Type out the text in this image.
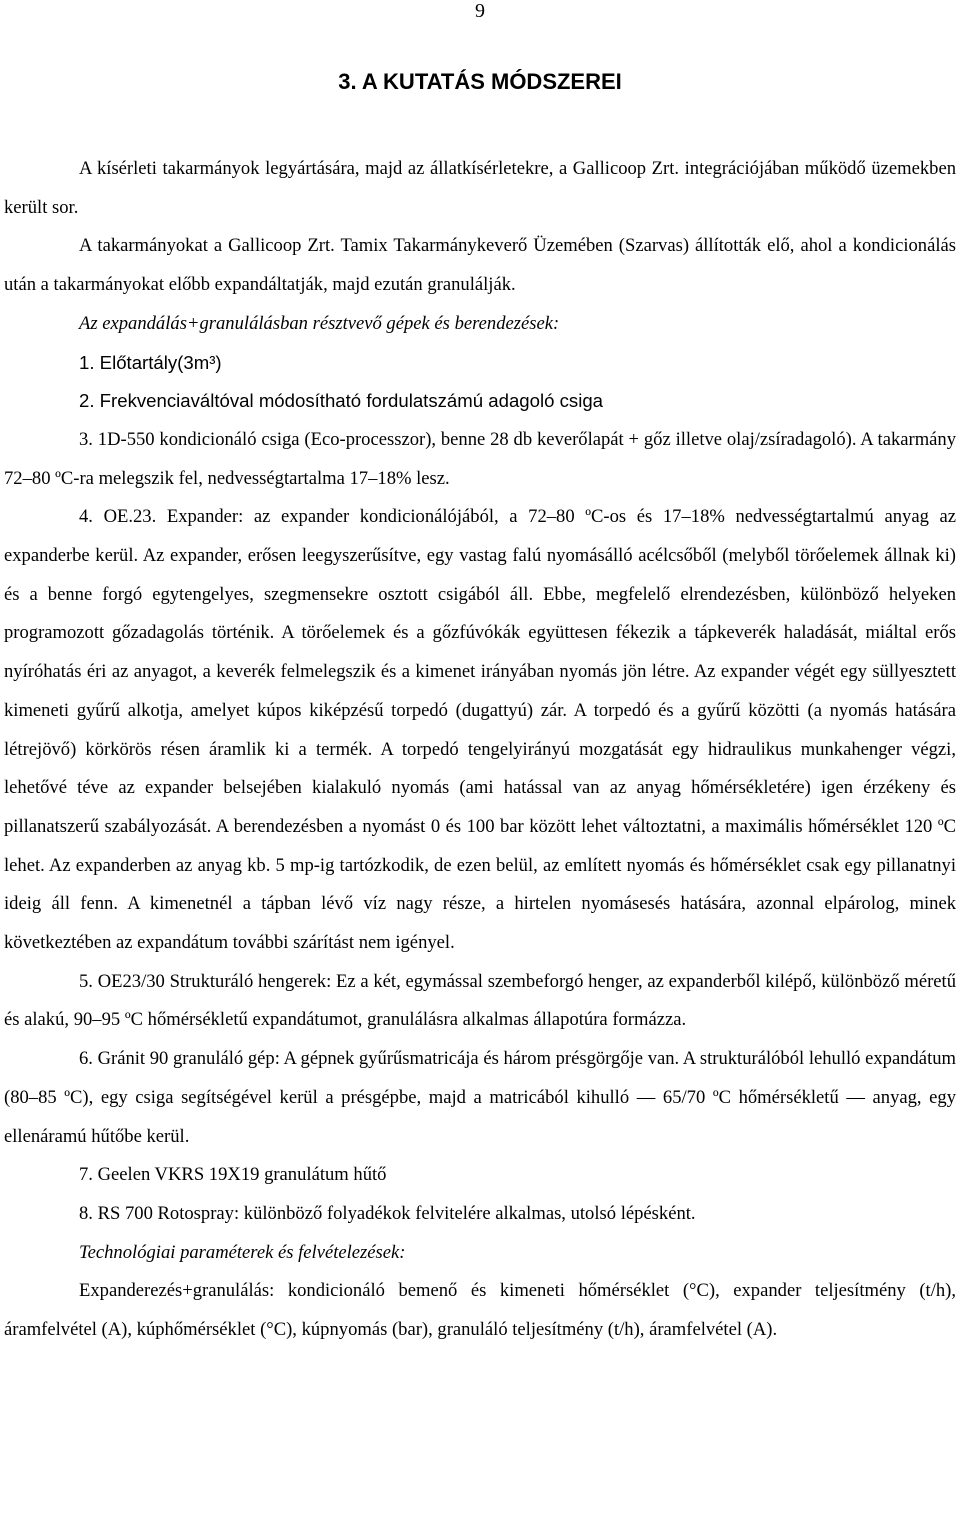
9
3. A KUTATÁS MÓDSZEREI

A kísérleti takarmányok legyártására, majd az állatkísérletekre, a Gallicoop Zrt. integrációjában működő üzemekben került sor.

A takarmányokat a Gallicoop Zrt. Tamix Takarmánykeverő Üzemében (Szarvas) állították elő, ahol a kondicionálás után a takarmányokat előbb expandáltatják, majd ezután granulálják.

Az expandálás+granulálásban résztvevő gépek és berendezések:

1. Előtartály(3m³)

2. Frekvenciaváltóval módosítható fordulatszámú adagoló csiga

3. 1D-550 kondicionáló csiga (Eco-processzor), benne 28 db keverőlapát + gőz illetve olaj/zsíradagoló). A takarmány 72–80 ºC-ra melegszik fel, nedvességtartalma 17–18% lesz.

4. OE.23. Expander: az expander kondicionálójából, a 72–80 ºC-os és 17–18% nedvességtartalmú anyag az expanderbe kerül. Az expander, erősen leegyszerűsítve, egy vastag falú nyomásálló acélcsőből (melyből törőelemek állnak ki) és a benne forgó egytengelyes, szegmensekre osztott csigából áll. Ebbe, megfelelő elrendezésben, különböző helyeken programozott gőzadagolás történik. A törőelemek és a gőzfúvókák együttesen fékezik a tápkeverék haladását, miáltal erős nyíróhatás éri az anyagot, a keverék felmelegszik és a kimenet irányában nyomás jön létre. Az expander végét egy süllyesztett kimeneti gyűrű alkotja, amelyet kúpos kiképzésű torpedó (dugattyú) zár. A torpedó és a gyűrű közötti (a nyomás hatására létrejövő) körkörös résen áramlik ki a termék. A torpedó tengelyirányú mozgatását egy hidraulikus munkahenger végzi, lehetővé téve az expander belsejében kialakuló nyomás (ami hatással van az anyag hőmérsékletére) igen érzékeny és pillanatszerű szabályozását. A berendezésben a nyomást 0 és 100 bar között lehet változtatni, a maximális hőmérséklet 120 ºC lehet. Az expanderben az anyag kb. 5 mp-ig tartózkodik, de ezen belül, az említett nyomás és hőmérséklet csak egy pillanatnyi ideig áll fenn. A kimenetnél a tápban lévő víz nagy része, a hirtelen nyomásesés hatására, azonnal elpárolog, minek következtében az expandátum további szárítást nem igényel.

5. OE23/30 Strukturáló hengerek: Ez a két, egymással szembeforgó henger, az expanderből kilépő, különböző méretű és alakú, 90–95 ºC hőmérsékletű expandátumot, granulálásra alkalmas állapotúra formázza.

6. Gránit 90 granuláló gép: A gépnek gyűrűsmatricája és három présgörgője van. A strukturálóból lehulló expandátum (80–85 ºC), egy csiga segítségével kerül a présgépbe, majd a matricából kihulló — 65/70 ºC hőmérsékletű — anyag, egy ellenáramú hűtőbe kerül.

7. Geelen VKRS 19X19 granulátum hűtő

8. RS 700 Rotospray: különböző folyadékok felvitelére alkalmas, utolsó lépésként.

Technológiai paraméterek és felvételezések:

Expanderezés+granulálás: kondicionáló bemenő és kimeneti hőmérséklet (°C), expander teljesítmény (t/h), áramfelvétel (A), kúphőmérséklet (°C), kúpnyomás (bar), granuláló teljesítmény (t/h), áramfelvétel (A).
